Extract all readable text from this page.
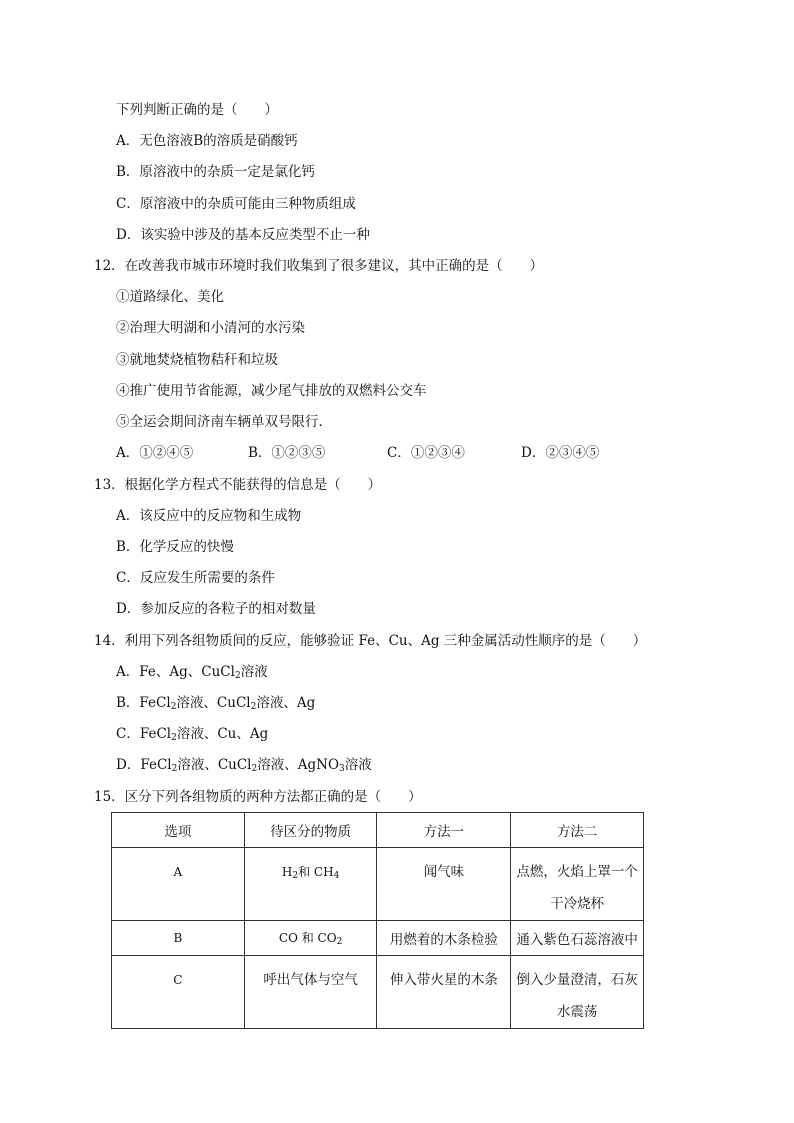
下列判断正确的是（　　）
A．无色溶液B的溶质是硝酸钙
B．原溶液中的杂质一定是氯化钙
C．原溶液中的杂质可能由三种物质组成
D．该实验中涉及的基本反应类型不止一种
12．在改善我市城市环境时我们收集到了很多建议，其中正确的是（　　）
①道路绿化、美化
②治理大明湖和小清河的水污染
③就地焚烧植物秸秆和垃圾
④推广使用节省能源，减少尾气排放的双燃料公交车
⑤全运会期间济南车辆单双号限行．
A．①②④⑤	B．①②③⑤	C．①②③④	D．②③④⑤
13．根据化学方程式不能获得的信息是（　　）
A．该反应中的反应物和生成物
B．化学反应的快慢
C．反应发生所需要的条件
D．参加反应的各粒子的相对数量
14．利用下列各组物质间的反应，能够验证 Fe、Cu、Ag 三种金属活动性顺序的是（　　）
A．Fe、Ag、CuCl$_2$溶液
B．FeCl$_2$溶液、CuCl$_2$溶液、Ag
C．FeCl$_2$溶液、Cu、Ag
D．FeCl$_2$溶液、CuCl$_2$溶液、AgNO$_3$溶液
15．区分下列各组物质的两种方法都正确的是（　　）
选项	待区分的物质	方法一	方法二

A	$H_2$和 $CH_4$	闻气味	点燃，火焰上罩一个
干冷烧杯

B	CO 和 $CO_2$	用燃着的木条检验	通入紫色石蕊溶液中

C	呼出气体与空气	伸入带火星的木条	倒入少量澄清，石灰
水震荡
